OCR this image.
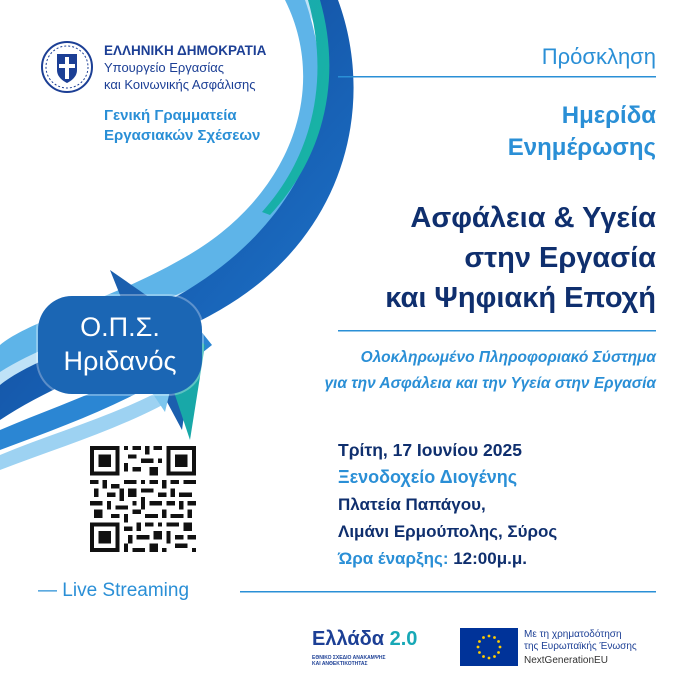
ΕΛΛΗΝΙΚΗ ΔΗΜΟΚΡΑΤΙΑ
Υπουργείο Εργασίας
και Κοινωνικής Ασφάλισης
Γενική Γραμματεία
Εργασιακών Σχέσεων
Πρόσκληση
Ημερίδα
Ενημέρωσης
Ασφάλεια & Υγεία
στην Εργασία
και Ψηφιακή Εποχή
Ο.Π.Σ.
Ηριδανός	Ολοκληρωμένο Πληροφοριακό Σύστημα
για την Ασφάλεια και την Υγεία στην Εργασία
Τρίτη, 17 Ιουνίου 2025
Ξενοδοχείο Διογένης
Πλατεία Παπάγου,
Λιμάνι Ερμούπολης, Σύρος
Ώρα έναρξης: 12:00μ.μ.
— Live Streaming
Ελλάδα 2.0
ΕΘΝΙΚΟ ΣΧΕΔΙΟ ΑΝΑΚΑΜΨΗΣ
ΚΑΙ ΑΝΘΕΚΤΙΚΟΤΗΤΑΣ
Με τη χρηματοδότηση
της Ευρωπαϊκής Ένωσης
NextGenerationEU
